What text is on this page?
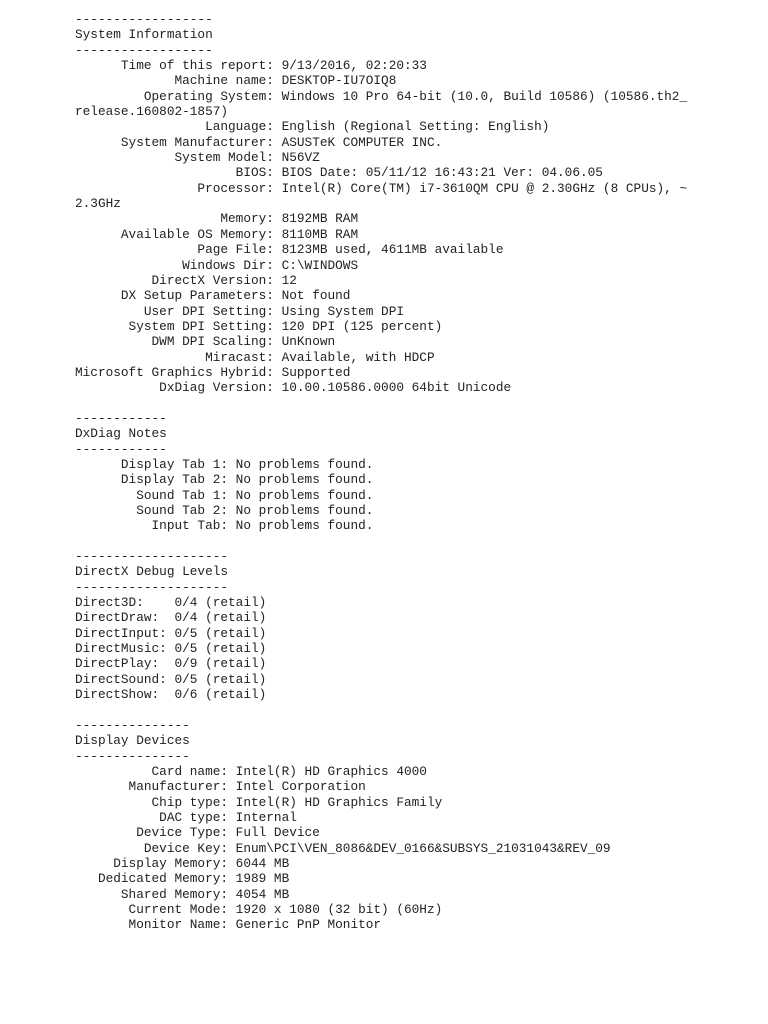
------------------
System Information
------------------
Time of this report: 9/13/2016, 02:20:33
Machine name: DESKTOP-IU7OIQ8
Operating System: Windows 10 Pro 64-bit (10.0, Build 10586) (10586.th2_
release.160802-1857)
Language: English (Regional Setting: English)
System Manufacturer: ASUSTeK COMPUTER INC.
System Model: N56VZ
BIOS: BIOS Date: 05/11/12 16:43:21 Ver: 04.06.05
Processor: Intel(R) Core(TM) i7-3610QM CPU @ 2.30GHz (8 CPUs), ~
2.3GHz
Memory: 8192MB RAM
Available OS Memory: 8110MB RAM
Page File: 8123MB used, 4611MB available
Windows Dir: C:\WINDOWS
DirectX Version: 12
DX Setup Parameters: Not found
User DPI Setting: Using System DPI
System DPI Setting: 120 DPI (125 percent)
DWM DPI Scaling: UnKnown
Miracast: Available, with HDCP
Microsoft Graphics Hybrid: Supported
DxDiag Version: 10.00.10586.0000 64bit Unicode
------------
DxDiag Notes
------------
Display Tab 1: No problems found.
Display Tab 2: No problems found.
Sound Tab 1: No problems found.
Sound Tab 2: No problems found.
Input Tab: No problems found.
--------------------
DirectX Debug Levels
--------------------
Direct3D:    0/4 (retail)
DirectDraw:  0/4 (retail)
DirectInput: 0/5 (retail)
DirectMusic: 0/5 (retail)
DirectPlay:  0/9 (retail)
DirectSound: 0/5 (retail)
DirectShow:  0/6 (retail)
---------------
Display Devices
---------------
Card name: Intel(R) HD Graphics 4000
Manufacturer: Intel Corporation
Chip type: Intel(R) HD Graphics Family
DAC type: Internal
Device Type: Full Device
Device Key: Enum\PCI\VEN_8086&DEV_0166&SUBSYS_21031043&REV_09
Display Memory: 6044 MB
Dedicated Memory: 1989 MB
Shared Memory: 4054 MB
Current Mode: 1920 x 1080 (32 bit) (60Hz)
Monitor Name: Generic PnP Monitor
